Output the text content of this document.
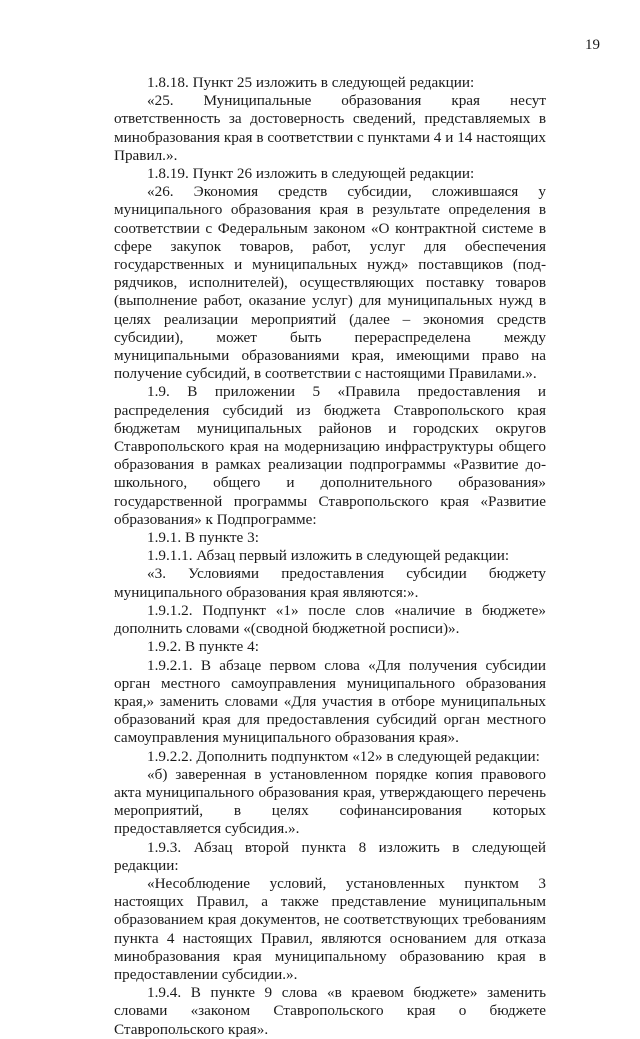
19

1.8.18. Пункт 25 изложить в следующей редакции:

«25. Муниципальные образования края несут ответственность за достоверность сведений, представляемых в минобразования края в соответствии с пунктами 4 и 14 настоящих Правил.».

1.8.19. Пункт 26 изложить в следующей редакции:

«26. Экономия средств субсидии, сложившаяся у муниципального образования края в результате определения в соответствии с Федеральным законом «О контрактной системе в сфере закупок товаров, работ, услуг для обеспечения государственных и муниципальных нужд» поставщиков (подрядчиков, исполнителей), осуществляющих поставку товаров (выполнение работ, оказание услуг) для муниципальных нужд в целях реализации мероприятий (далее – экономия средств субсидии), может быть перераспределена между муниципальными образованиями края, имеющими право на получение субсидий, в соответствии с настоящими Правилами.».

1.9. В приложении 5 «Правила предоставления и распределения субсидий из бюджета Ставропольского края бюджетам муниципальных районов и городских округов Ставропольского края на модернизацию инфраструктуры общего образования в рамках реализации подпрограммы «Развитие дошкольного, общего и дополнительного образования» государственной программы Ставропольского края «Развитие образования» к Подпрограмме:

1.9.1. В пункте 3:

1.9.1.1. Абзац первый изложить в следующей редакции:

«3. Условиями предоставления субсидии бюджету муниципального образования края являются:».

1.9.1.2. Подпункт «1» после слов «наличие в бюджете» дополнить словами «(сводной бюджетной росписи)».

1.9.2. В пункте 4:

1.9.2.1. В абзаце первом слова «Для получения субсидии орган местного самоуправления муниципального образования края,» заменить словами «Для участия в отборе муниципальных образований края для предоставления субсидий орган местного самоуправления муниципального образования края».

1.9.2.2. Дополнить подпунктом «12» в следующей редакции:

«б) заверенная в установленном порядке копия правового акта муниципального образования края, утверждающего перечень мероприятий, в целях софинансирования которых предоставляется субсидия.».

1.9.3. Абзац второй пункта 8 изложить в следующей редакции:

«Несоблюдение условий, установленных пунктом 3 настоящих Правил, а также представление муниципальным образованием края документов, не соответствующих требованиям пункта 4 настоящих Правил, являются основанием для отказа минобразования края муниципальному образованию края в предоставлении субсидии.».

1.9.4. В пункте 9 слова «в краевом бюджете» заменить словами «законом Ставропольского края о бюджете Ставропольского края».
